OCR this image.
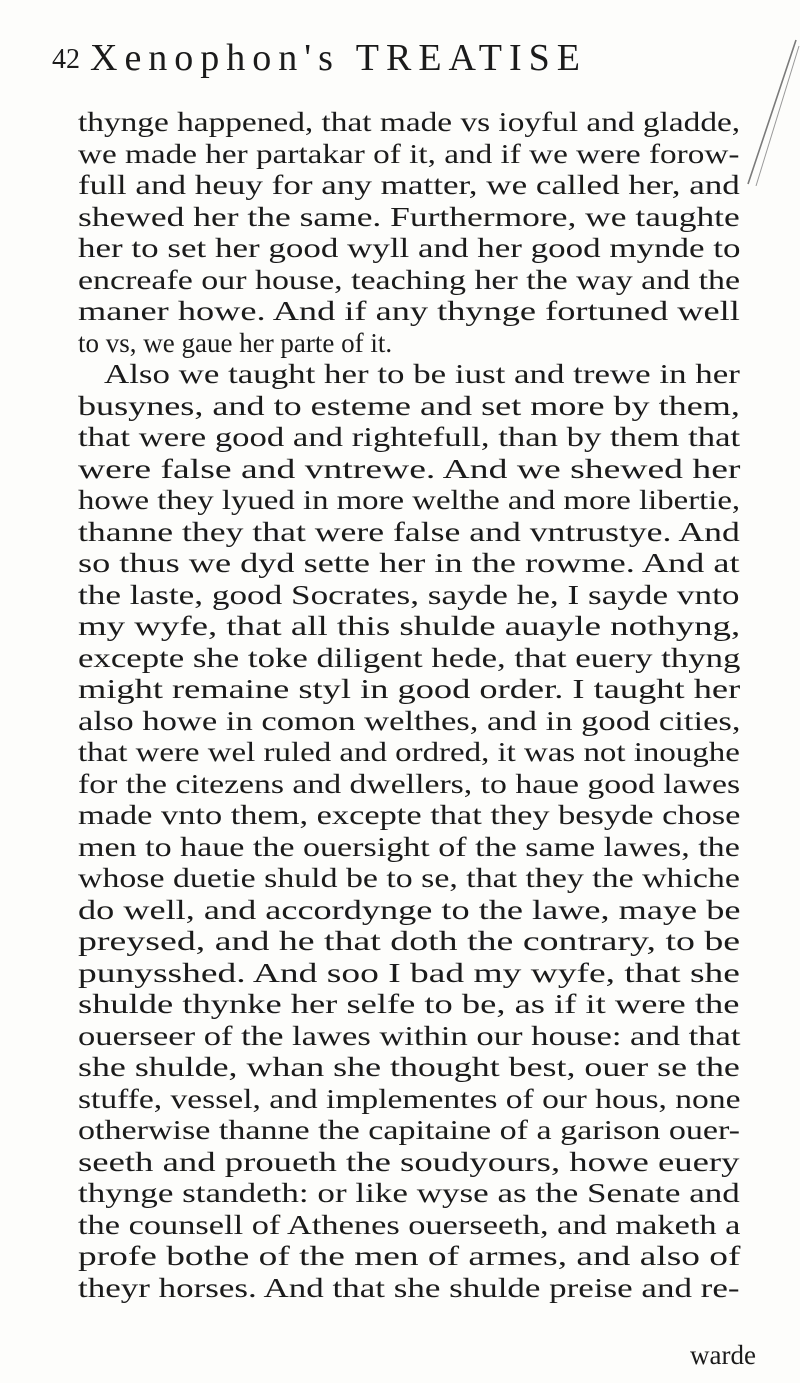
42 Xenophon's TREATISE
thynge happened, that made vs ioyful and gladde,
we made her partakar of it, and if we were forow-
full and heuy for any matter, we called her, and
shewed her the same. Furthermore, we taughte
her to set her good wyll and her good mynde to
encreafe our house, teaching her the way and the
maner howe. And if any thynge fortuned well
to vs, we gaue her parte of it.
Also we taught her to be iust and trewe in her
busynes, and to esteme and set more by them,
that were good and rightefull, than by them that
were false and vntrewe. And we shewed her
howe they lyued in more welthe and more libertie,
thanne they that were false and vntrustye. And
so thus we dyd sette her in the rowme. And at
the laste, good Socrates, sayde he, I sayde vnto
my wyfe, that all this shulde auayle nothyng,
excepte she toke diligent hede, that euery thyng
might remaine styl in good order. I taught her
also howe in comon welthes, and in good cities,
that were wel ruled and ordred, it was not inoughe
for the citezens and dwellers, to haue good lawes
made vnto them, excepte that they besyde chose
men to haue the ouersight of the same lawes, the
whose duetie shuld be to se, that they the whiche
do well, and accordynge to the lawe, maye be
preysed, and he that doth the contrary, to be
punysshed. And soo I bad my wyfe, that she
shulde thynke her selfe to be, as if it were the
ouerseer of the lawes within our house: and that
she shulde, whan she thought best, ouer se the
stuffe, vessel, and implementes of our hous, none
otherwise thanne the capitaine of a garison ouer-
seeth and proueth the soudyours, howe euery
thynge standeth: or like wyse as the Senate and
the counsell of Athenes ouerseeth, and maketh a
profe bothe of the men of armes, and also of
theyr horses. And that she shulde preise and re-
warde
